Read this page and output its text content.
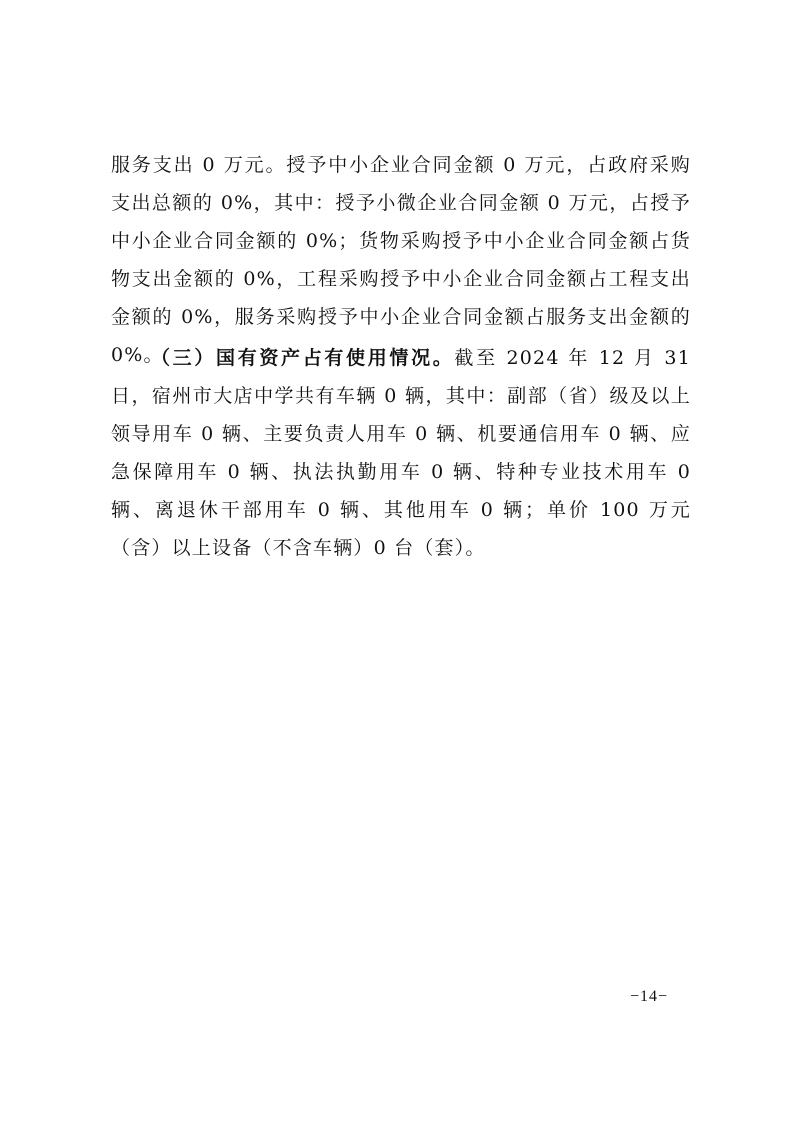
服务支出 0 万元。授予中小企业合同金额 0 万元，占政府采购支出总额的 0%，其中：授予小微企业合同金额 0 万元，占授予中小企业合同金额的 0%；货物采购授予中小企业合同金额占货物支出金额的 0%，工程采购授予中小企业合同金额占工程支出金额的 0%，服务采购授予中小企业合同金额占服务支出金额的 0%。

（三）国有资产占有使用情况。截至 2024 年 12 月 31 日，宿州市大店中学共有车辆 0 辆，其中：副部（省）级及以上领导用车 0 辆、主要负责人用车 0 辆、机要通信用车 0 辆、应急保障用车 0 辆、执法执勤用车 0 辆、特种专业技术用车 0 辆、离退休干部用车 0 辆、其他用车 0 辆；单价 100 万元（含）以上设备（不含车辆）0 台（套）。

−14−
